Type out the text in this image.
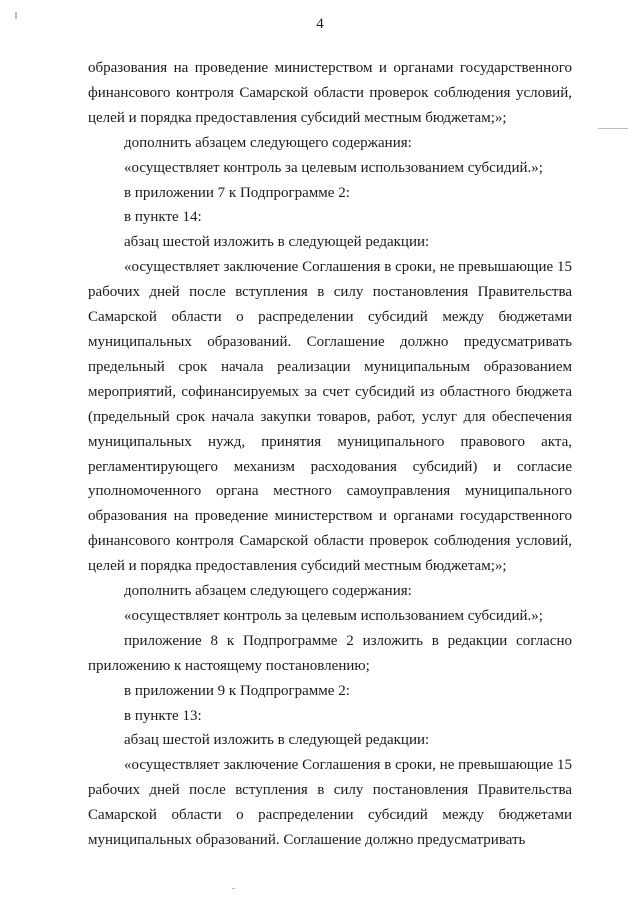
4

образования на проведение министерством и органами государственного финансового контроля Самарской области проверок соблюдения условий, целей и порядка предоставления субсидий местным бюджетам;»;

дополнить абзацем следующего содержания:

«осуществляет контроль за целевым использованием субсидий.»;

в приложении 7 к Подпрограмме 2:

в пункте 14:

абзац шестой изложить в следующей редакции:

«осуществляет заключение Соглашения в сроки, не превышающие 15 рабочих дней после вступления в силу постановления Правительства Самарской области о распределении субсидий между бюджетами муниципальных образований. Соглашение должно предусматривать предельный срок начала реализации муниципальным образованием мероприятий, софинансируемых за счет субсидий из областного бюджета (предельный срок начала закупки товаров, работ, услуг для обеспечения муниципальных нужд, принятия муниципального правового акта, регламентирующего механизм расходования субсидий) и согласие уполномоченного органа местного самоуправления муниципального образования на проведение министерством и органами государственного финансового контроля Самарской области проверок соблюдения условий, целей и порядка предоставления субсидий местным бюджетам;»;

дополнить абзацем следующего содержания:

«осуществляет контроль за целевым использованием субсидий.»;

приложение 8 к Подпрограмме 2 изложить в редакции согласно приложению к настоящему постановлению;

в приложении 9 к Подпрограмме 2:

в пункте 13:

абзац шестой изложить в следующей редакции:

«осуществляет заключение Соглашения в сроки, не превышающие 15 рабочих дней после вступления в силу постановления Правительства Самарской области о распределении субсидий между бюджетами муниципальных образований. Соглашение должно предусматривать
